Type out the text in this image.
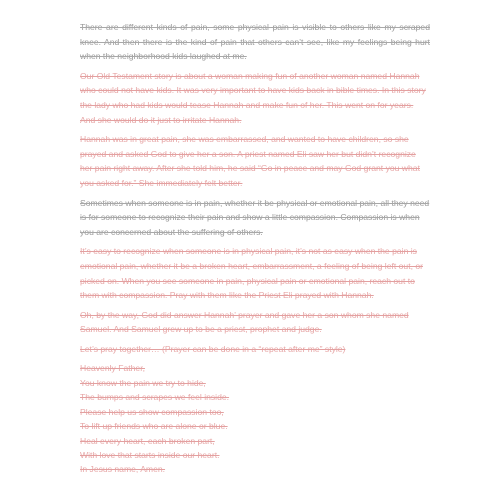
There are different kinds of pain, some physical pain is visible to others like my scraped knee. And then there is the kind of pain that others can’t see, like my feelings being hurt when the neighborhood kids laughed at me.

Our Old Testament story is about a woman making fun of another woman named Hannah who could not have kids. It was very important to have kids back in bible times. In this story the lady who had kids would tease Hannah and make fun of her. This went on for years. And she would do it just to irritate Hannah.

Hannah was in great pain, she was embarrassed, and wanted to have children, so she prayed and asked God to give her a son. A priest named Eli saw her but didn’t recognize her pain right away. After she told him, he said “Go in peace and may God grant you what you asked for.” She immediately felt better.

Sometimes when someone is in pain, whether it be physical or emotional pain, all they need is for someone to recognize their pain and show a little compassion. Compassion is when you are concerned about the suffering of others.

It’s easy to recognize when someone is in physical pain, it’s not as easy when the pain is emotional pain, whether it be a broken heart, embarrassment, a feeling of being left out, or picked on. When you see someone in pain, physical pain or emotional pain, reach out to them with compassion. Pray with them like the Priest Eli prayed with Hannah.

Oh, by the way, God did answer Hannah’ prayer and gave her a son whom she named Samuel. And Samuel grew up to be a priest, prophet and judge.

Let’s pray together… (Prayer can be done in a “repeat after me” style)

Heavenly Father,
You know the pain we try to hide,
The bumps and scrapes we feel inside.
Please help us show compassion too,
To lift up friends who are alone or blue.
Heal every heart, each broken part,
With love that starts inside our heart.
In Jesus name, Amen.
